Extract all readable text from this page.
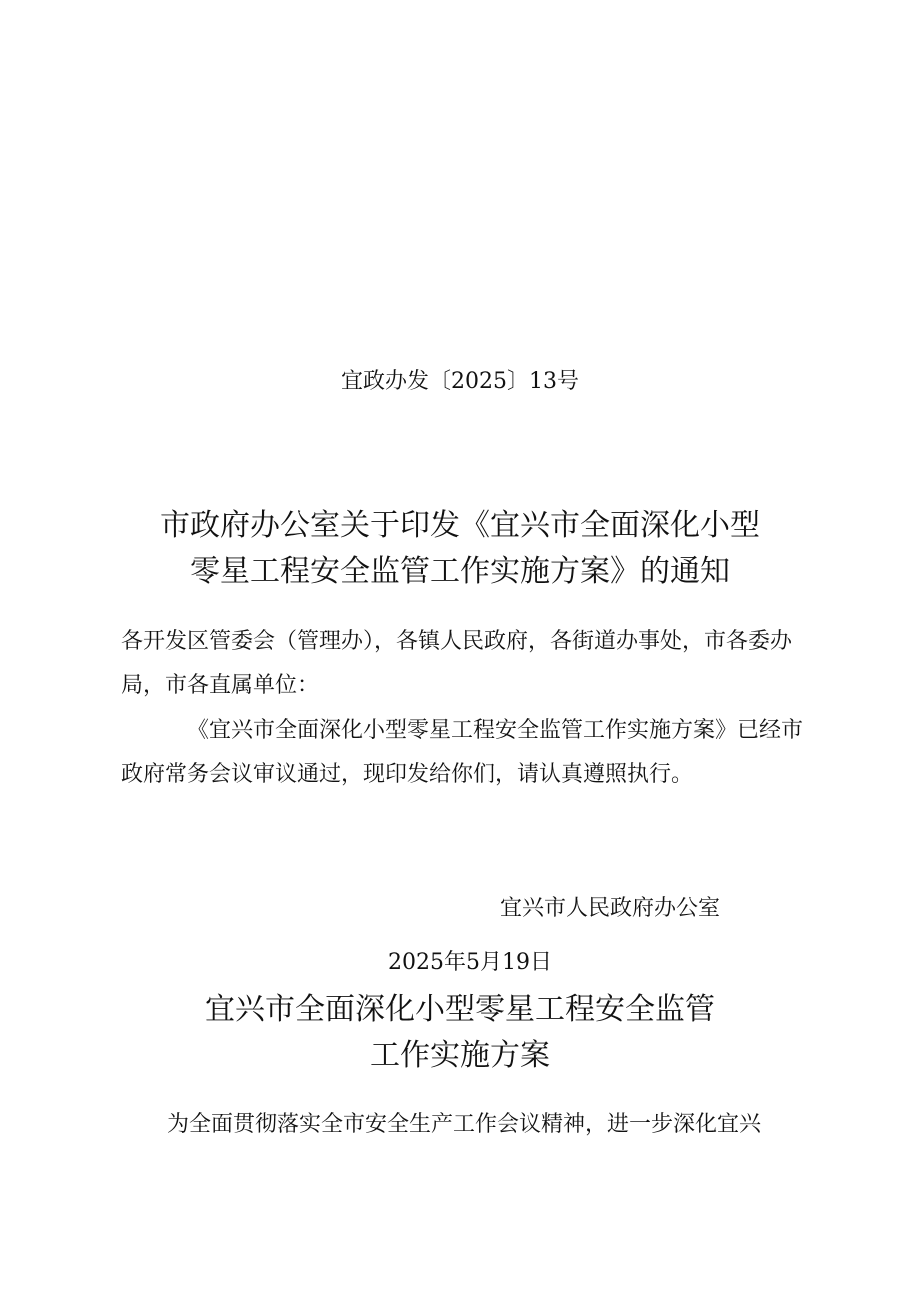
宜政办发〔2025〕13号
市政府办公室关于印发《宜兴市全面深化小型
零星工程安全监管工作实施方案》的通知
各开发区管委会（管理办），各镇人民政府，各街道办事处，市各委办局，市各直属单位：
《宜兴市全面深化小型零星工程安全监管工作实施方案》已经市政府常务会议审议通过，现印发给你们，请认真遵照执行。
宜兴市人民政府办公室
2025年5月19日
宜兴市全面深化小型零星工程安全监管
工作实施方案
为全面贯彻落实全市安全生产工作会议精神，进一步深化宜兴
